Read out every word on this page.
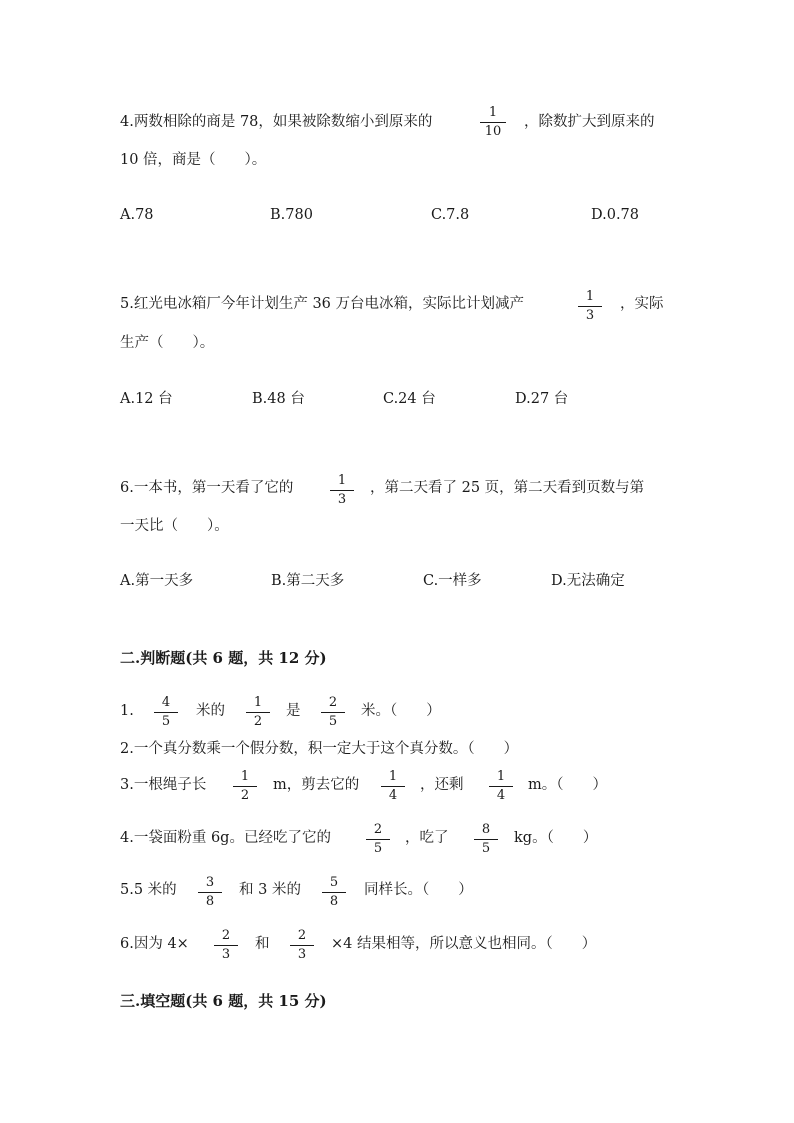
4.两数相除的商是 78，如果被除数缩小到原来的
1
10
，除数扩大到原来的
10 倍，商是（　　）。
A.78	B.780	C.7.8	D.0.78
5.红光电冰箱厂今年计划生产 36 万台电冰箱，实际比计划减产	1
3
，实际
生产（　　）。
A.12 台	B.48 台	C.24 台	D.27 台
6.一本书，第一天看了它的	1
3
，第二天看了 25 页，第二天看到页数与第
一天比（　　）。
A.第一天多	B.第二天多	C.一样多	D.无法确定
二.判断题(共 6 题，共 12 分)
1.
4
5
米的
1
2
是
2
5
米。（　　）
2.一个真分数乘一个假分数，积一定大于这个真分数。（　　）
3.一根绳子长
1
2
m，剪去它的
1
4
，还剩
1
4
m。（　　）
4.一袋面粉重 6g。已经吃了它的
2
5
，吃了
8
5
kg。（　　）
5.5 米的 3
8
和 3 米的 5
8
同样长。（　　）
6.因为 4×
2
3
和
2
3
×4 结果相等，所以意义也相同。（　　）
三.填空题(共 6 题，共 15 分)
